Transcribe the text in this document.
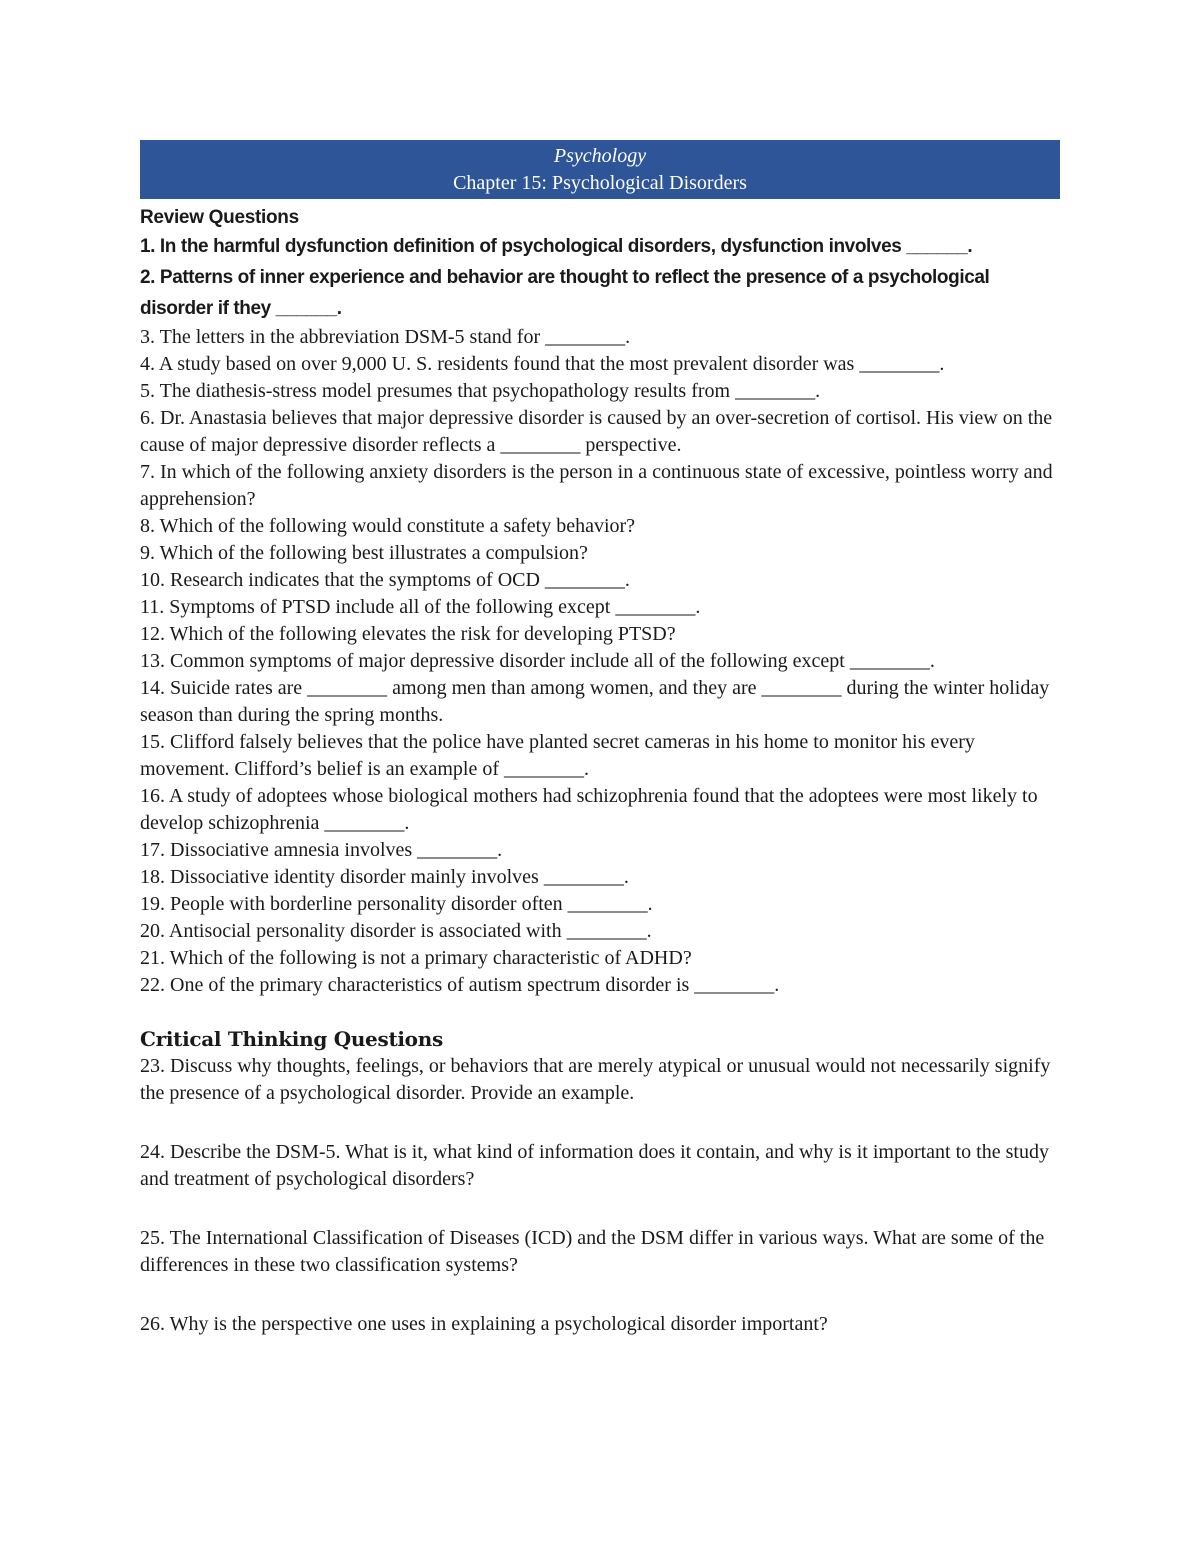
Psychology
Chapter 15: Psychological Disorders
Review Questions
1. In the harmful dysfunction definition of psychological disorders, dysfunction involves ______.
2. Patterns of inner experience and behavior are thought to reflect the presence of a psychological disorder if they ______.
3. The letters in the abbreviation DSM-5 stand for ________.
4. A study based on over 9,000 U. S. residents found that the most prevalent disorder was ________.
5. The diathesis-stress model presumes that psychopathology results from ________.
6. Dr. Anastasia believes that major depressive disorder is caused by an over-secretion of cortisol. His view on the cause of major depressive disorder reflects a ________ perspective.
7. In which of the following anxiety disorders is the person in a continuous state of excessive, pointless worry and apprehension?
8. Which of the following would constitute a safety behavior?
9. Which of the following best illustrates a compulsion?
10. Research indicates that the symptoms of OCD ________.
11. Symptoms of PTSD include all of the following except ________.
12. Which of the following elevates the risk for developing PTSD?
13. Common symptoms of major depressive disorder include all of the following except ________.
14. Suicide rates are ________ among men than among women, and they are ________ during the winter holiday season than during the spring months.
15. Clifford falsely believes that the police have planted secret cameras in his home to monitor his every movement. Clifford’s belief is an example of ________.
16. A study of adoptees whose biological mothers had schizophrenia found that the adoptees were most likely to develop schizophrenia ________.
17. Dissociative amnesia involves ________.
18. Dissociative identity disorder mainly involves ________.
19. People with borderline personality disorder often ________.
20. Antisocial personality disorder is associated with ________.
21. Which of the following is not a primary characteristic of ADHD?
22. One of the primary characteristics of autism spectrum disorder is ________.
Critical Thinking Questions
23. Discuss why thoughts, feelings, or behaviors that are merely atypical or unusual would not necessarily signify the presence of a psychological disorder. Provide an example.
24. Describe the DSM-5. What is it, what kind of information does it contain, and why is it important to the study and treatment of psychological disorders?
25. The International Classification of Diseases (ICD) and the DSM differ in various ways. What are some of the differences in these two classification systems?
26. Why is the perspective one uses in explaining a psychological disorder important?
